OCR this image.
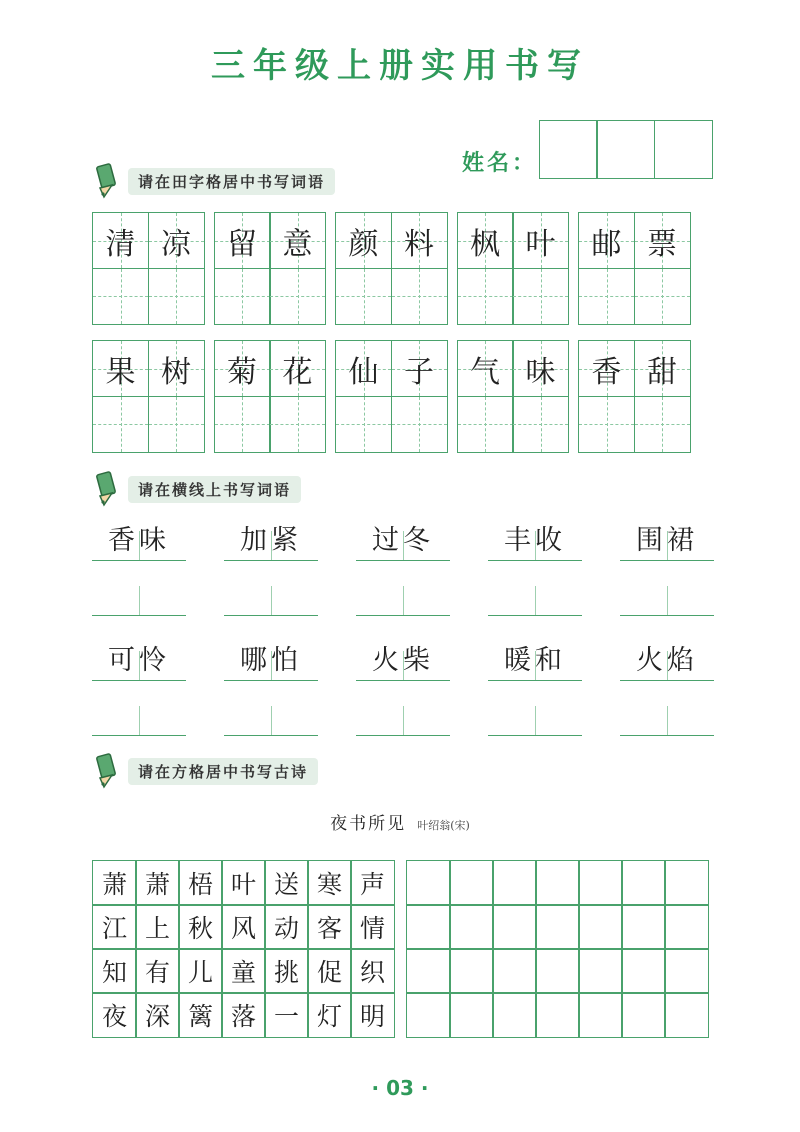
三年级上册实用书写
姓名：
请在田字格居中书写词语
清 凉 留 意 颜 料 枫 叶 邮 票
果 树 菊 花 仙 子 气 味 香 甜
请在横线上书写词语
香味	加紧	过冬	丰收	围裙
可怜	哪怕	火柴	暖和	火焰
请在方格居中书写古诗
夜书所见 叶绍翁(宋)
萧 萧 梧 叶 送 寒 声
江 上 秋 风 动 客 情
知 有 儿 童 挑 促 织
夜 深 篱 落 一 灯 明
· 03 ·
